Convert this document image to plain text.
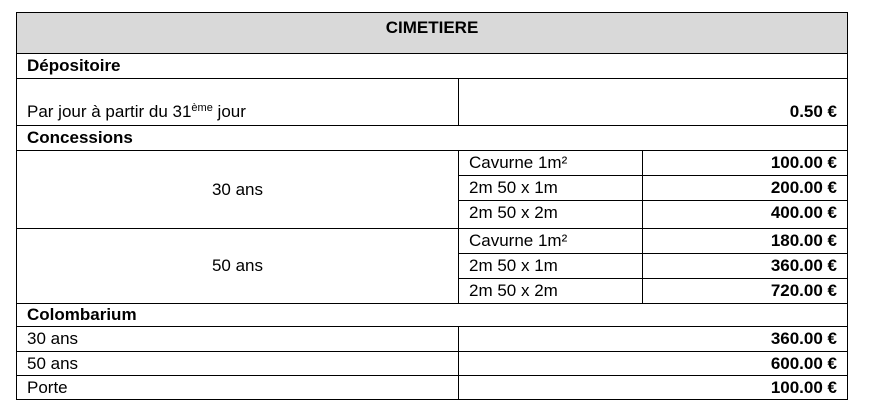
CIMETIERE
Dépositoire
Par jour à partir du 31ème jour	0.50 €
Concessions
30 ans
Cavurne 1m²	100.00 €
2m 50 x 1m	200.00 €
2m 50 x 2m	400.00 €
50 ans
Cavurne 1m²	180.00 €
2m 50 x 1m	360.00 €
2m 50 x 2m	720.00 €
Colombarium
30 ans	360.00 €
50 ans	600.00 €
Porte	100.00 €
